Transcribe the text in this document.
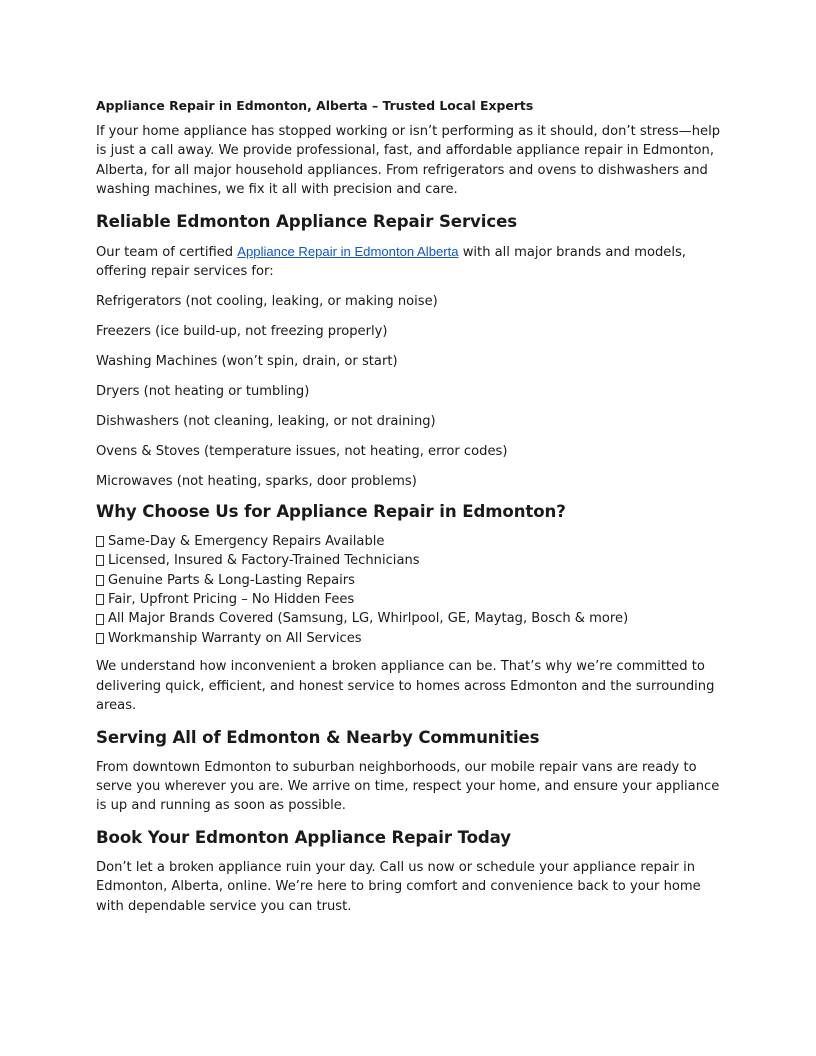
Appliance Repair in Edmonton, Alberta – Trusted Local Experts

If your home appliance has stopped working or isn’t performing as it should, don’t stress—help is just a call away. We provide professional, fast, and affordable appliance repair in Edmonton, Alberta, for all major household appliances. From refrigerators and ovens to dishwashers and washing machines, we fix it all with precision and care.

Reliable Edmonton Appliance Repair Services

Our team of certified Appliance Repair in Edmonton Alberta with all major brands and models, offering repair services for:

Refrigerators (not cooling, leaking, or making noise)
Freezers (ice build-up, not freezing properly)
Washing Machines (won’t spin, drain, or start)
Dryers (not heating or tumbling)
Dishwashers (not cleaning, leaking, or not draining)
Ovens & Stoves (temperature issues, not heating, error codes)
Microwaves (not heating, sparks, door problems)
Why Choose Us for Appliance Repair in Edmonton?
Same-Day & Emergency Repairs Available
Licensed, Insured & Factory-Trained Technicians
Genuine Parts & Long-Lasting Repairs
Fair, Upfront Pricing – No Hidden Fees
All Major Brands Covered (Samsung, LG, Whirlpool, GE, Maytag, Bosch & more)
Workmanship Warranty on All Services

We understand how inconvenient a broken appliance can be. That’s why we’re committed to delivering quick, efficient, and honest service to homes across Edmonton and the surrounding areas.

Serving All of Edmonton & Nearby Communities

From downtown Edmonton to suburban neighborhoods, our mobile repair vans are ready to serve you wherever you are. We arrive on time, respect your home, and ensure your appliance is up and running as soon as possible.

Book Your Edmonton Appliance Repair Today

Don’t let a broken appliance ruin your day. Call us now or schedule your appliance repair in Edmonton, Alberta, online. We’re here to bring comfort and convenience back to your home with dependable service you can trust.
